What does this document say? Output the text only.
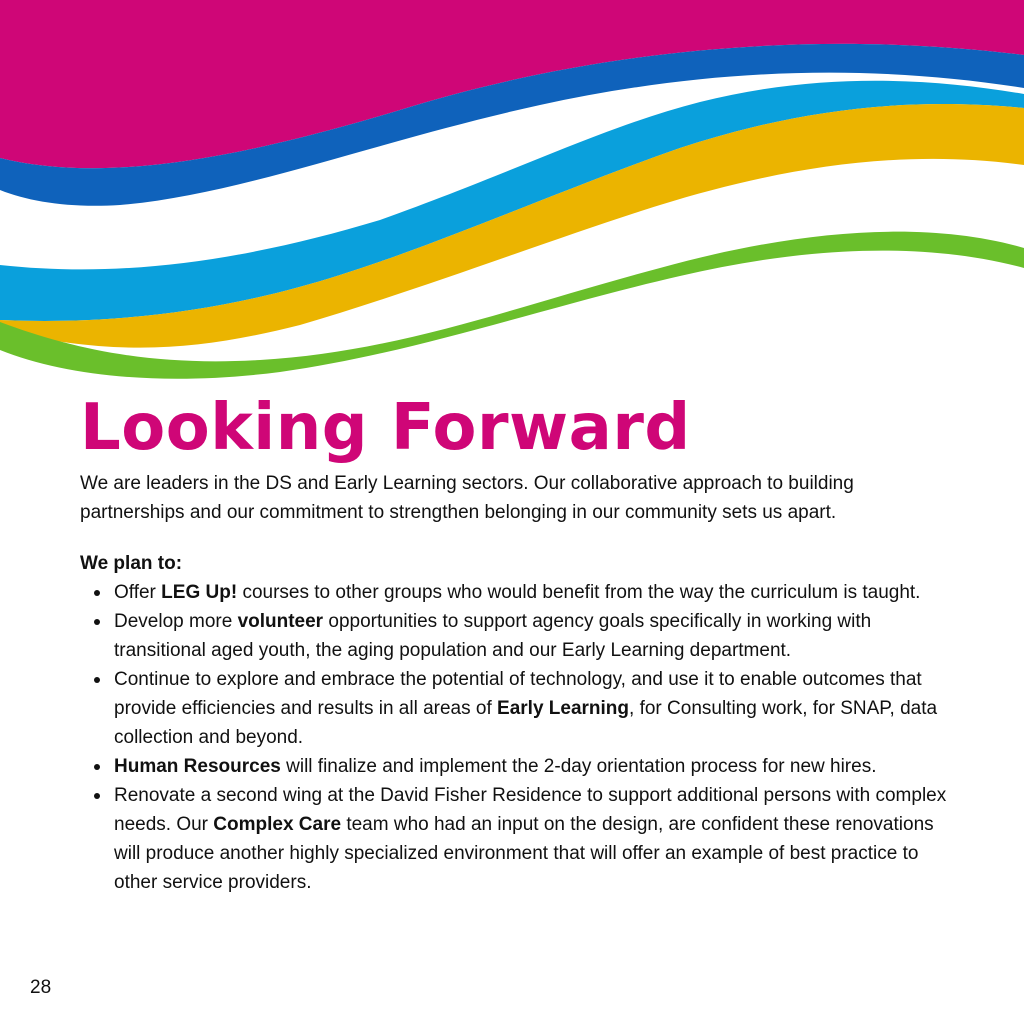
Looking Forward

We are leaders in the DS and Early Learning sectors. Our collaborative approach to building partnerships and our commitment to strengthen belonging in our community sets us apart.

We plan to:

Offer LEG Up! courses to other groups who would benefit from the way the curriculum is taught.
Develop more volunteer opportunities to support agency goals specifically in working with transitional aged youth, the aging population and our Early Learning department.
Continue to explore and embrace the potential of technology, and use it to enable outcomes that provide efficiencies and results in all areas of Early Learning, for Consulting work, for SNAP, data collection and beyond.
Human Resources will finalize and implement the 2-day orientation process for new hires.
Renovate a second wing at the David Fisher Residence to support additional persons with complex needs. Our Complex Care team who had an input on the design, are confident these renovations will produce another highly specialized environment that will offer an example of best practice to other service providers.

28
